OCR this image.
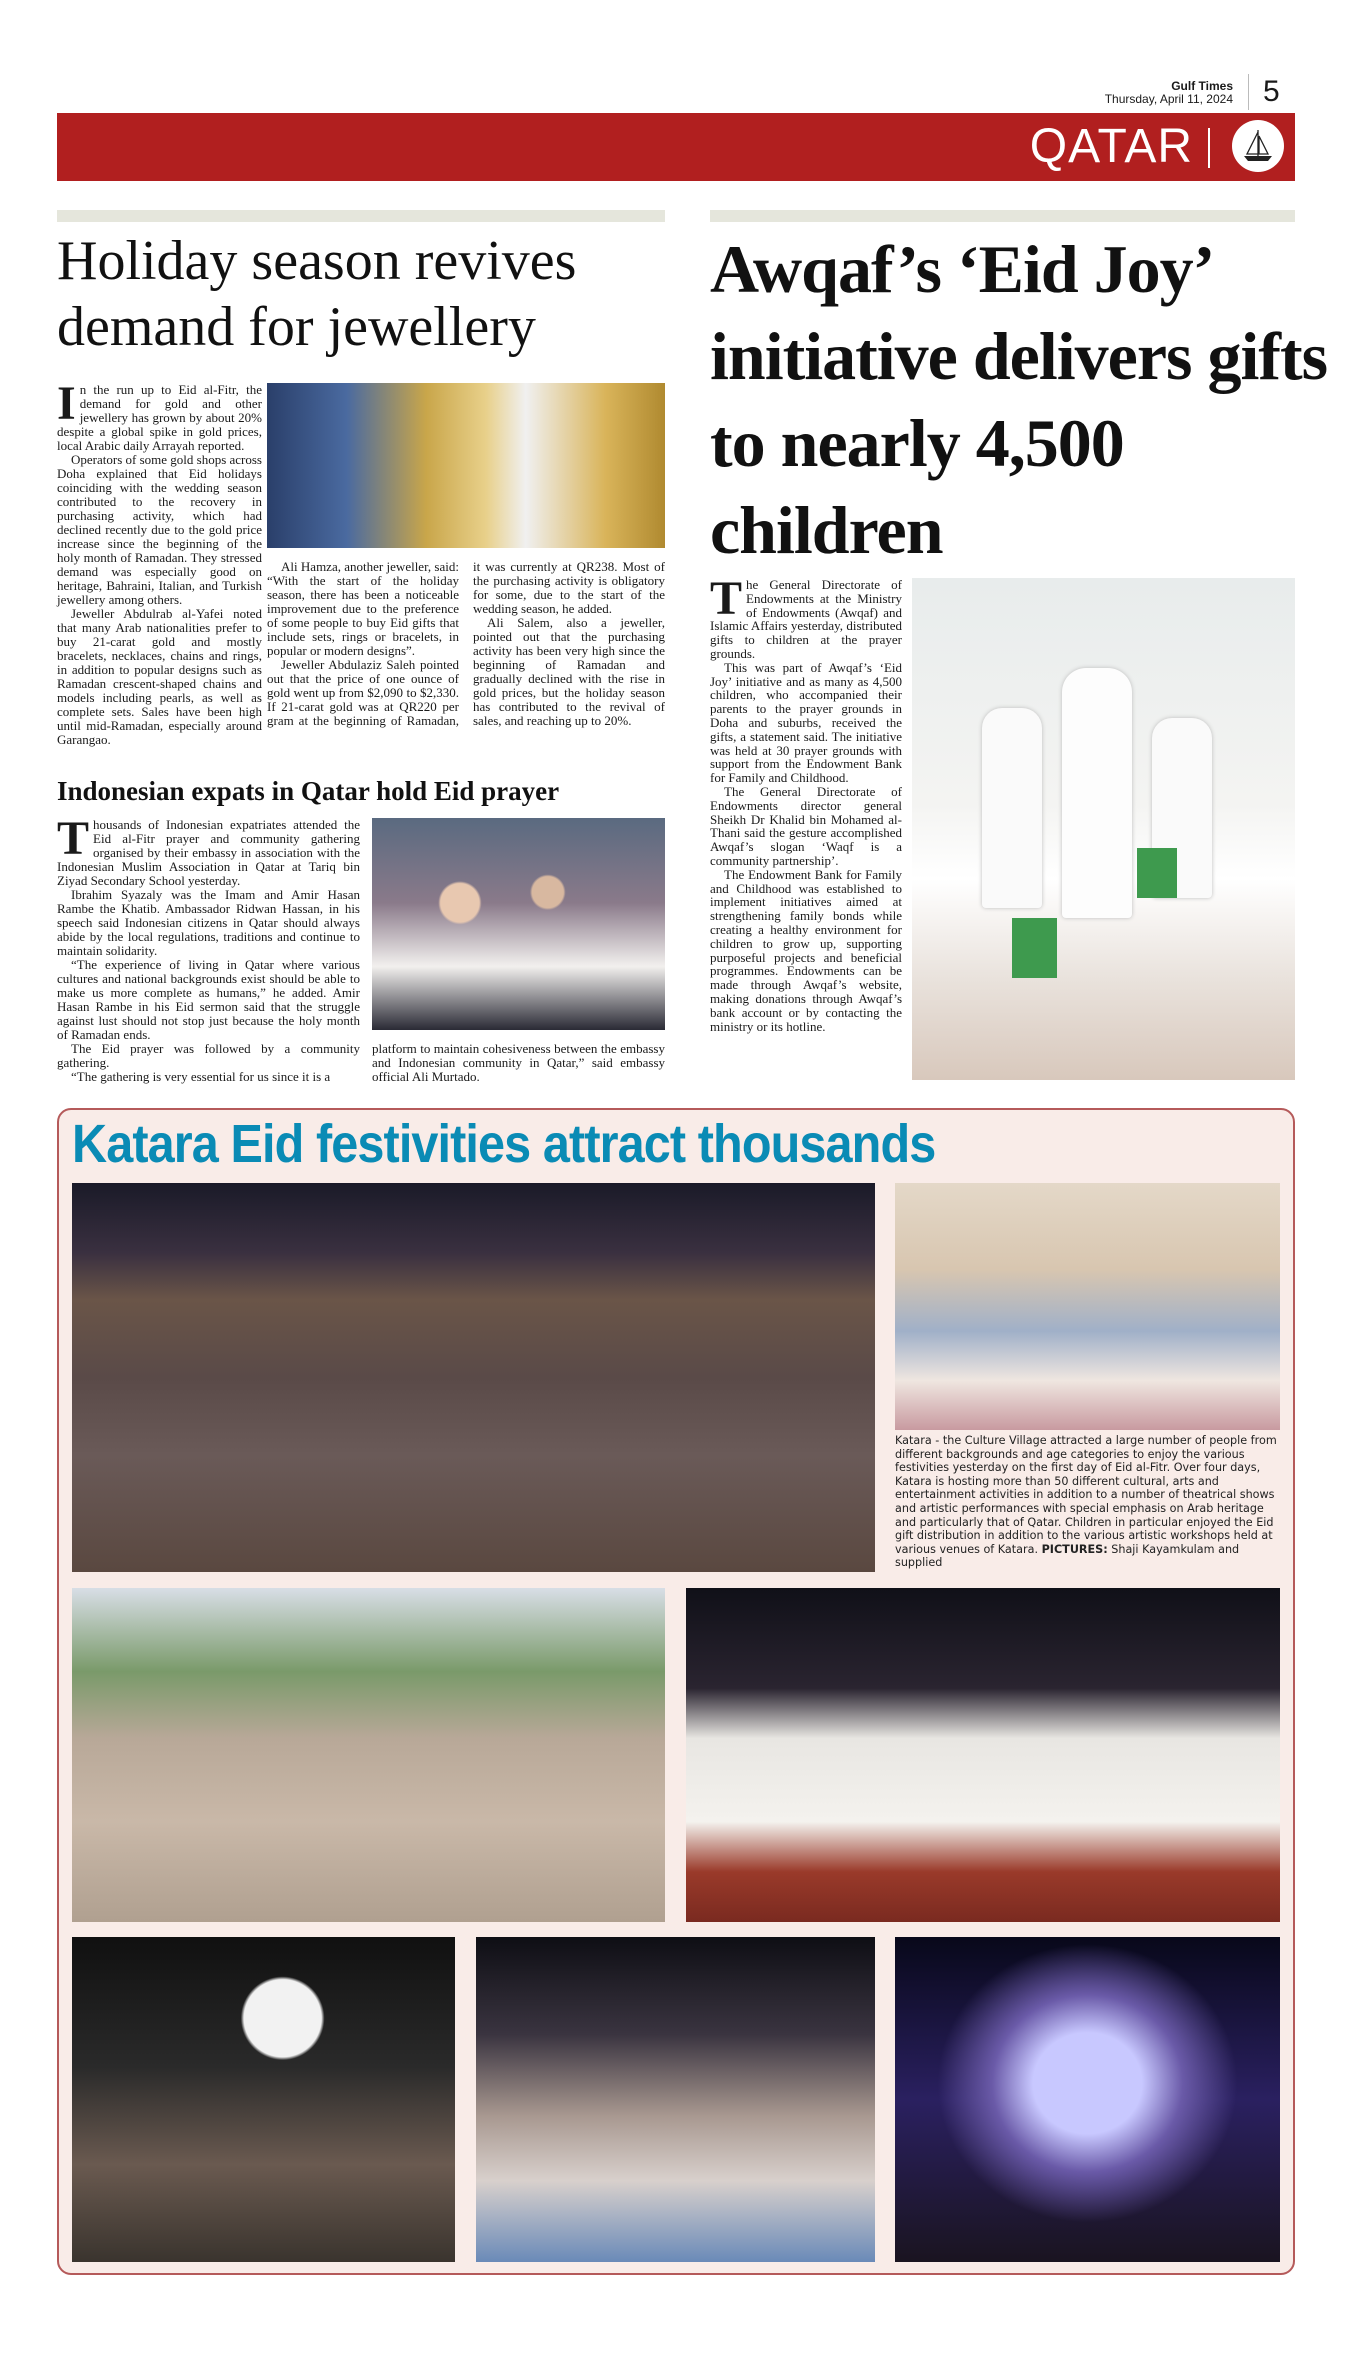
Gulf Times
Thursday, April 11, 2024	5
QATAR
Holiday season revives demand for jewellery

In the run up to Eid al-Fitr, the demand for gold and other jewellery has grown by about 20% despite a global spike in gold prices, local Arabic daily Arrayah reported.

Operators of some gold shops across Doha explained that Eid holidays coinciding with the wedding season contributed to the recovery in purchasing activity, which had declined recently due to the gold price increase since the beginning of the holy month of Ramadan. They stressed demand was especially good on heritage, Bahraini, Italian, and Turkish jewellery among others.

Jeweller Abdulrab al-Yafei noted that many Arab nationalities prefer to buy 21-carat gold and mostly bracelets, necklaces, chains and rings, in addition to popular designs such as Ramadan crescent-shaped chains and models including pearls, as well as complete sets. Sales have been high until mid-Ramadan, especially around Garangao.

Ali Hamza, another jeweller, said: “With the start of the holiday season, there has been a noticeable improvement due to the preference of some people to buy Eid gifts that include sets, rings or bracelets, in popular or modern designs”.

Jeweller Abdulaziz Saleh pointed out that the price of one ounce of gold went up from $2,090 to $2,330. If 21-carat gold was at QR220 per gram at the beginning of Ramadan, it was currently at QR238. Most of the purchasing activity is obligatory for some, due to the start of the wedding season, he added.

Ali Salem, also a jeweller, pointed out that the purchasing activity has been very high since the beginning of Ramadan and gradually declined with the rise in gold prices, but the holiday season has contributed to the revival of sales, and reaching up to 20%.

Indonesian expats in Qatar hold Eid prayer

Thousands of Indonesian expatriates attended the Eid al-Fitr prayer and community gathering organised by their embassy in association with the Indonesian Muslim Association in Qatar at Tariq bin Ziyad Secondary School yesterday.

Ibrahim Syazaly was the Imam and Amir Hasan Rambe the Khatib. Ambassador Ridwan Hassan, in his speech said Indonesian citizens in Qatar should always abide by the local regulations, traditions and continue to maintain solidarity.

“The experience of living in Qatar where various cultures and national backgrounds exist should be able to make us more complete as humans,” he added. Amir Hasan Rambe in his Eid sermon said that the struggle against lust should not stop just because the holy month of Ramadan ends.

The Eid prayer was followed by a community gathering.

“The gathering is very essential for us since it is a

platform to maintain cohesiveness between the embassy and Indonesian community in Qatar,” said embassy official Ali Murtado.

Awqaf’s ‘Eid Joy’ initiative delivers gifts to nearly 4,500 children

The General Directorate of Endowments at the Ministry of Endowments (Awqaf) and Islamic Affairs yesterday, distributed gifts to children at the prayer grounds.

This was part of Awqaf’s ‘Eid Joy’ initiative and as many as 4,500 children, who accompanied their parents to the prayer grounds in Doha and suburbs, received the gifts, a statement said. The initiative was held at 30 prayer grounds with support from the Endowment Bank for Family and Childhood.

The General Directorate of Endowments director general Sheikh Dr Khalid bin Mohamed al-Thani said the gesture accomplished Awqaf’s slogan ‘Waqf is a community partnership’.

The Endowment Bank for Family and Childhood was established to implement initiatives aimed at strengthening family bonds while creating a healthy environment for children to grow up, supporting purposeful projects and beneficial programmes. Endowments can be made through Awqaf’s website, making donations through Awqaf’s bank account or by contacting the ministry or its hotline.

Katara Eid festivities attract thousands
Katara - the Culture Village attracted a large number of people from different backgrounds and age categories to enjoy the various festivities yesterday on the first day of Eid al-Fitr. Over four days, Katara is hosting more than 50 different cultural, arts and entertainment activities in addition to a number of theatrical shows and artistic performances with special emphasis on Arab heritage and particularly that of Qatar. Children in particular enjoyed the Eid gift distribution in addition to the various artistic workshops held at various venues of Katara. PICTURES: Shaji Kayamkulam and supplied
